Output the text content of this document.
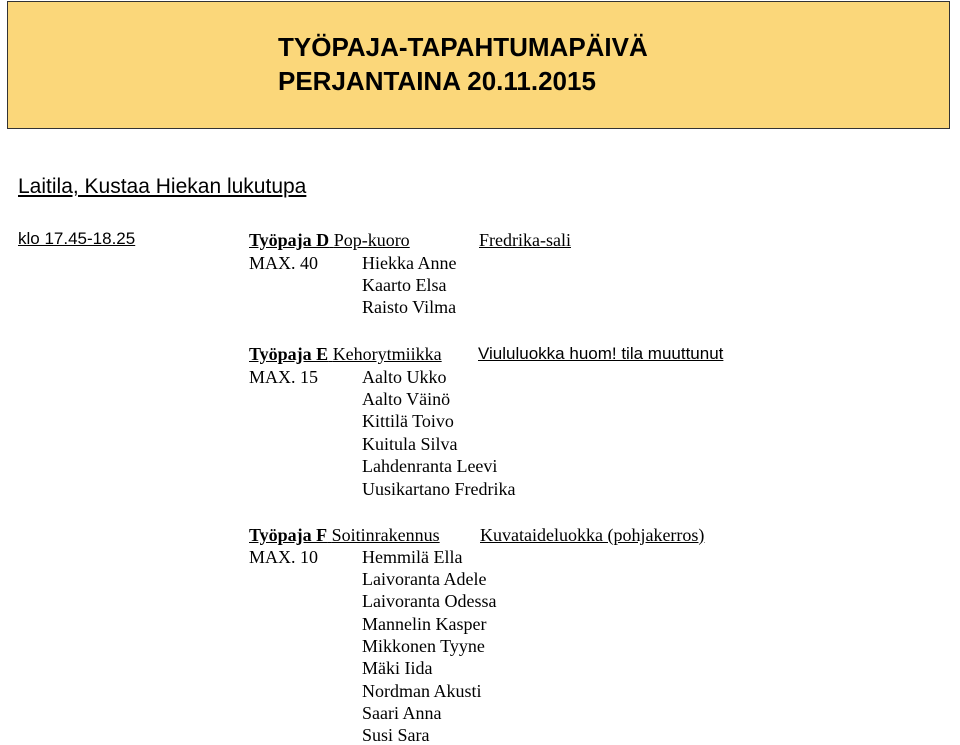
TYÖPAJA-TAPAHTUMAPÄIVÄ
PERJANTAINA 20.11.2015
Laitila, Kustaa Hiekan lukutupa
klo 17.45-18.25	Työpaja D Pop-kuoro	Fredrika-sali
MAX. 40 Hiekka Anne
Kaarto Elsa
Raisto Vilma
Työpaja E Kehorytmiikka Viululuokka huom! tila muuttunut
MAX. 15 Aalto Ukko
Aalto Väinö
Kittilä Toivo
Kuitula Silva
Lahdenranta Leevi
Uusikartano Fredrika
Työpaja F Soitinrakennus Kuvataideluokka (pohjakerros)
MAX. 10 Hemmilä Ella
Laivoranta Adele
Laivoranta Odessa
Mannelin Kasper
Mikkonen Tyyne
Mäki Iida
Nordman Akusti
Saari Anna
Susi Sara
